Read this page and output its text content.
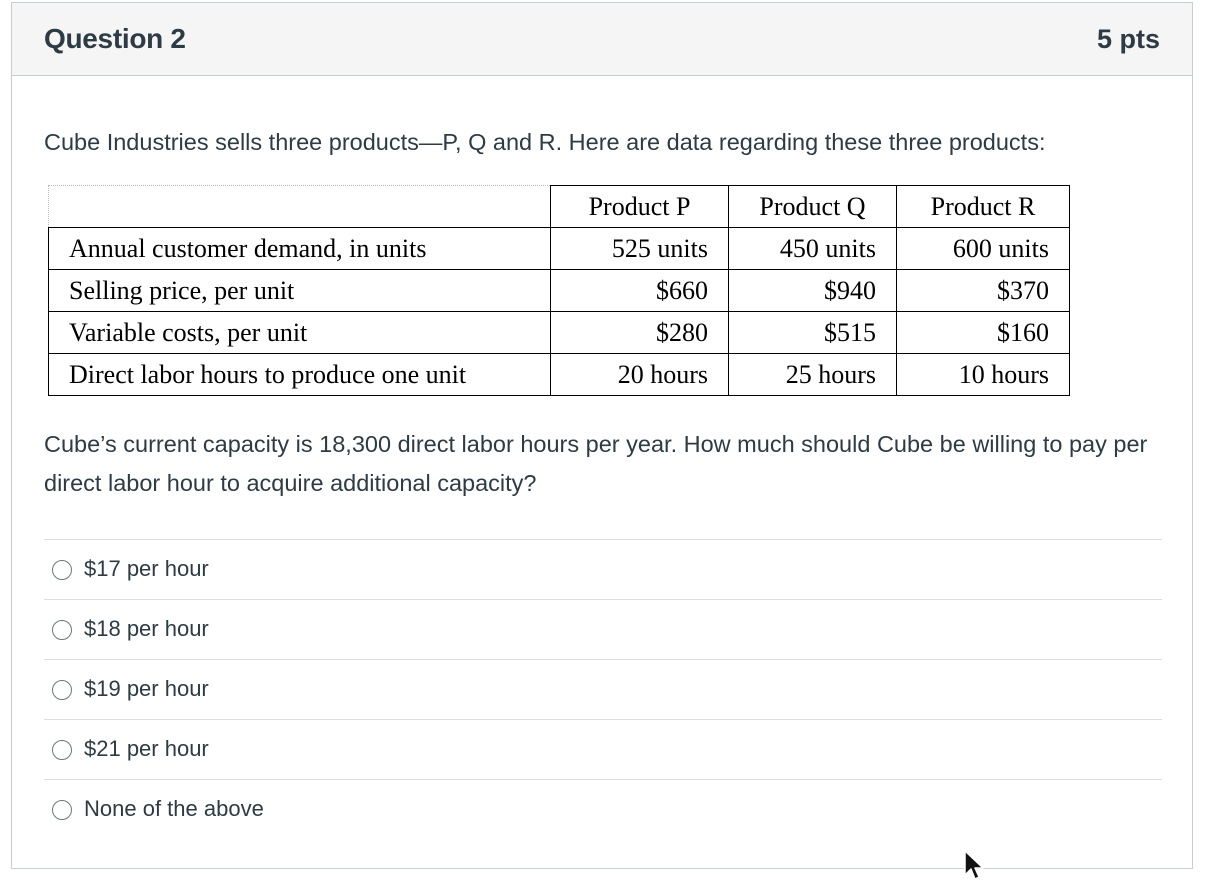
Question 2	5 pts
Cube Industries sells three products—P, Q and R. Here are data regarding these three products:
	Product P	Product Q	Product R
Annual customer demand, in units	525 units	450 units	600 units
Selling price, per unit	$660	$940	$370
Variable costs, per unit	$280	$515	$160
Direct labor hours to produce one unit	20 hours	25 hours	10 hours
Cube’s current capacity is 18,300 direct labor hours per year. How much should Cube be willing to pay per direct labor hour to acquire additional capacity?
$17 per hour
$18 per hour
$19 per hour
$21 per hour
None of the above
